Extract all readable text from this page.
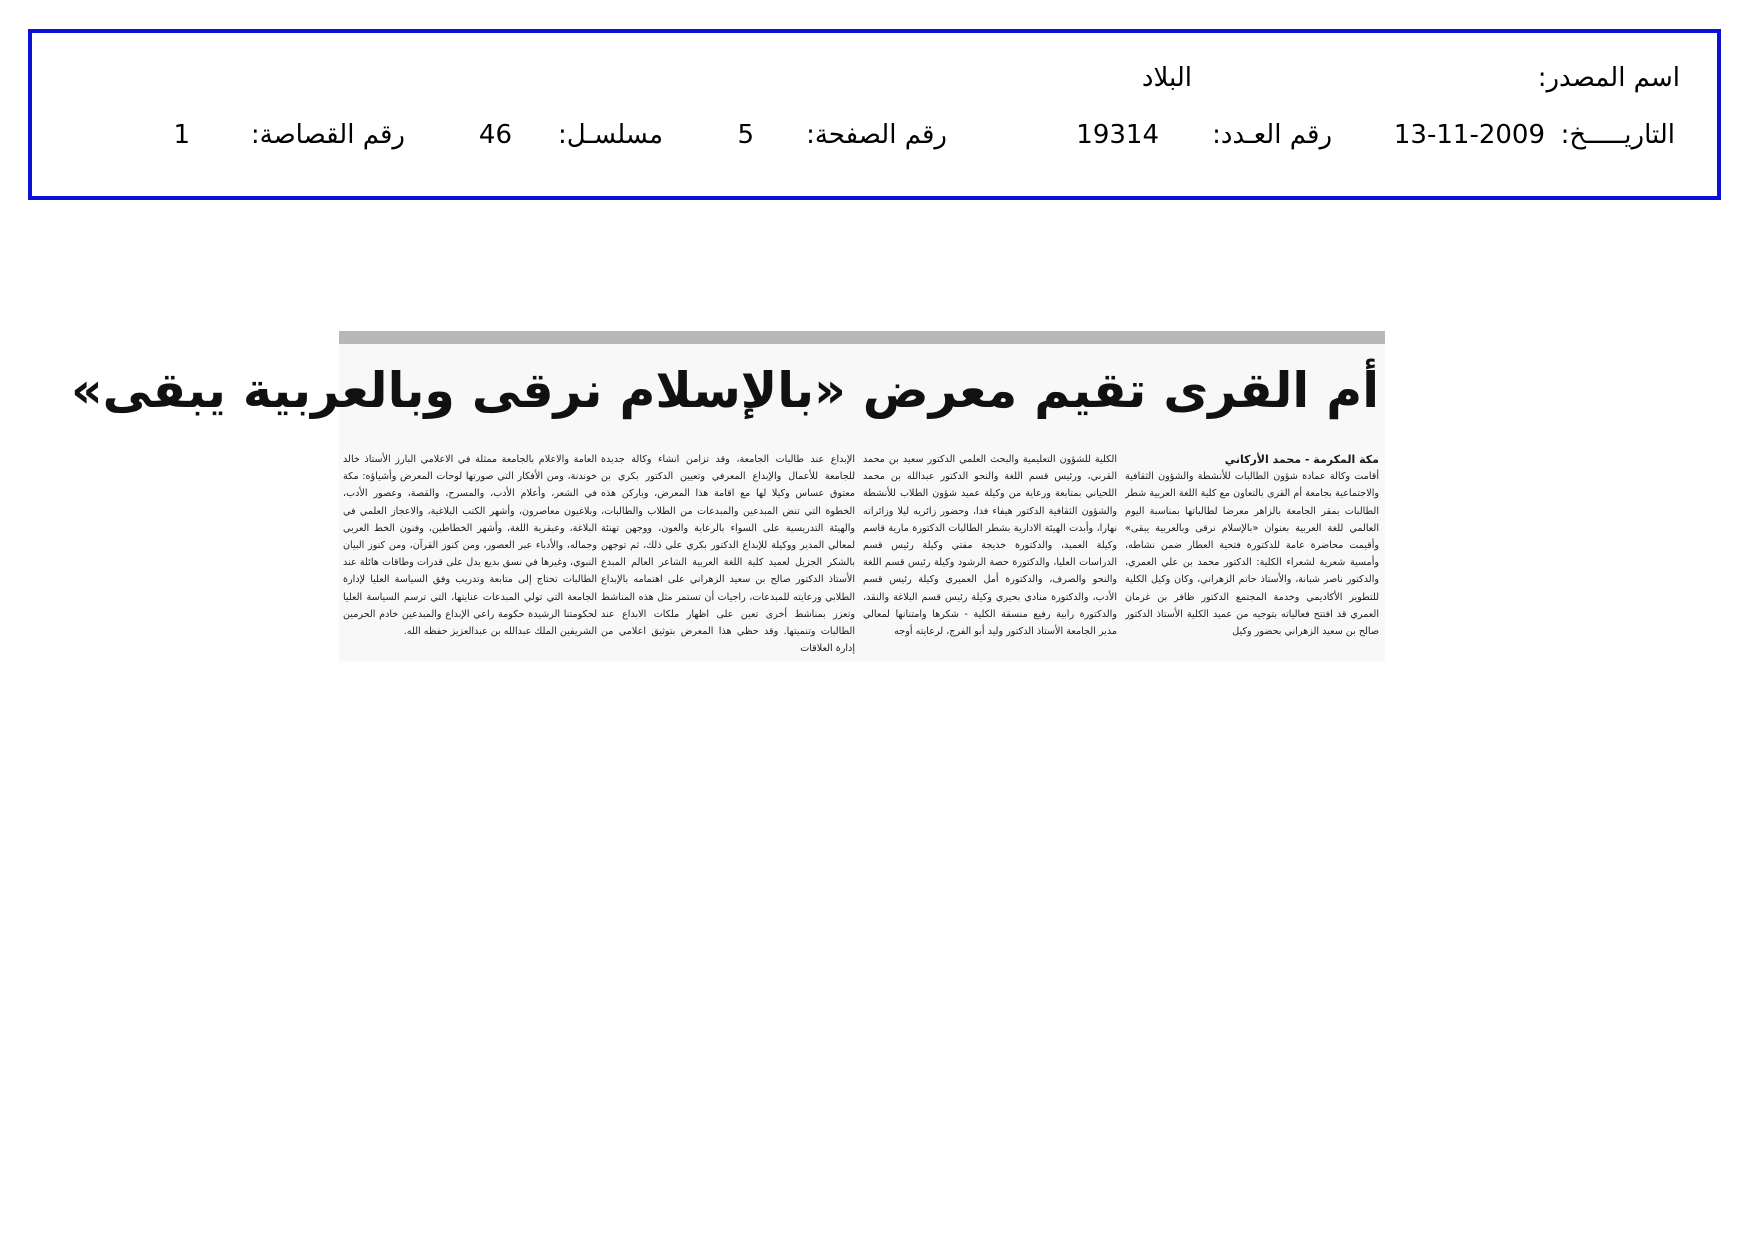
اسم المصدر:
البلاد
التاريـــــخ:
13-11-2009
رقم العـدد:
19314
رقم الصفحة:
5
مسلسـل:
46
رقم القصاصة:
1
أم القرى تقيم معرض «بالإسلام نرقى وبالعربية يبقى»
مكة المكرمة - محمد الأركاني
أقامت وكالة عمادة شؤون الطالبات للأنشطة والشؤون الثقافية والاجتماعية بجامعة أم القرى بالتعاون مع كلية اللغة العربية شطر الطالبات بمقر الجامعة بالزاهر معرضا لطالباتها بمناسبة اليوم العالمي للغة العربية بعنوان «بالإسلام نرقى وبالعربية يبقى» وأقيمت محاضرة عامة للدكتورة فتحية العطار ضمن نشاطه، وأمسية شعرية لشعراء الكلية: الدكتور محمد بن علي العمري، والدكتور ناصر شبانة، والأستاذ حاتم الزهراني، وكان وكيل الكلية للتطوير الأكاديمي وخدمة المجتمع الدكتور ظافر بن غرمان العمري قد افتتح فعالياته بتوجيه من عميد الكلية الأستاذ الدكتور صالح بن سعيد الزهراني بحضور وكيل
الكلية للشؤون التعليمية والبحث العلمي الدكتور سعيد بن محمد القرني، ورئيس قسم اللغة والنحو الدكتور عبدالله بن محمد اللحياني بمتابعة ورعاية من وكيلة عميد شؤون الطلاب للأنشطة والشؤون الثقافية الدكتور هيفاء فدا، وحضور زائريه ليلا وزائراته نهارا، وأبدت الهيئة الادارية بشطر الطالبات الدكتورة مارية قاسم وكيلة العميد، والدكتورة خديجة مفتي وكيلة رئيس قسم الدراسات العليا، والدكتورة حصة الرشود وكيلة رئيس قسم اللغة والنحو والصرف، والدكتورة أمل العميري وكيلة رئيس قسم الأدب، والدكتورة منادي بحيري وكيلة رئيس قسم البلاغة والنقد، والدكتورة رابية رفيع منسقة الكلية - شكرها وامتنانها لمعالي مدير الجامعة الأستاذ الدكتور وليد أبو الفرج، لرعايته أوجه
الإبداع عند طالبات الجامعة، وقد تزامن انشاء وكالة جديدة للجامعة للأعمال والإبداع المعرفي وتعيين الدكتور بكري بن معتوق عساس وكيلا لها مع اقامة هذا المعرض، وباركن هذه الخطوة التي تنض المبدعين والمبدعات من الطلاب والطالبات، والهيئة التدريسية على السواء بالرعاية والعون، ووجهن تهنئة لمعالي المدير ووكيلة للإبداع الدكتور بكري علي ذلك، ثم توجهن بالشكر الجزيل لعميد كلية اللغة العربية الشاعر العالم المبدع الأستاذ الدكتور صالح بن سعيد الزهراني على اهتمامه بالإبداع الطلابي ورعايته للمبدعات، راجيات أن تستمر مثل هذه المناشط وتعزز بمناشط أخرى تعين على اظهار ملكات الابداع عند الطالبات وتنميتها. وقد حظي هذا المعرض بتوثيق اعلامي من إدارة العلاقات
العامة والاعلام بالجامعة ممثلة في الاعلامي البارز الأستاذ خالد خوندنة، ومن الأفكار التي صورتها لوحات المعرض وأشياؤه: مكة في الشعر، وأعلام الأدب، والمسرح، والقصة، وعصور الأدب، وبلاغيون معاصرون، وأشهر الكتب البلاغية، والاعجاز العلمي في البلاغة، وعبقرية اللغة، وأشهر الخطاطين، وفنون الخط العربي وجماله، والأدباء عبر العصور، ومن كنوز القرآن، ومن كنوز البيان النبوي، وغيرها في نسق بديع يدل على قدرات وطاقات هائلة عند الطالبات تحتاج إلى متابعة وتدريب وفق السياسة العليا لإدارة الجامعة التي تولي المبدعات عنايتها، التي ترسم السياسة العليا لحكومتنا الرشيدة حكومة راعي الإبداع والمبدعين خادم الحرمين الشريفين الملك عبدالله بن عبدالعزيز حفظه الله.
